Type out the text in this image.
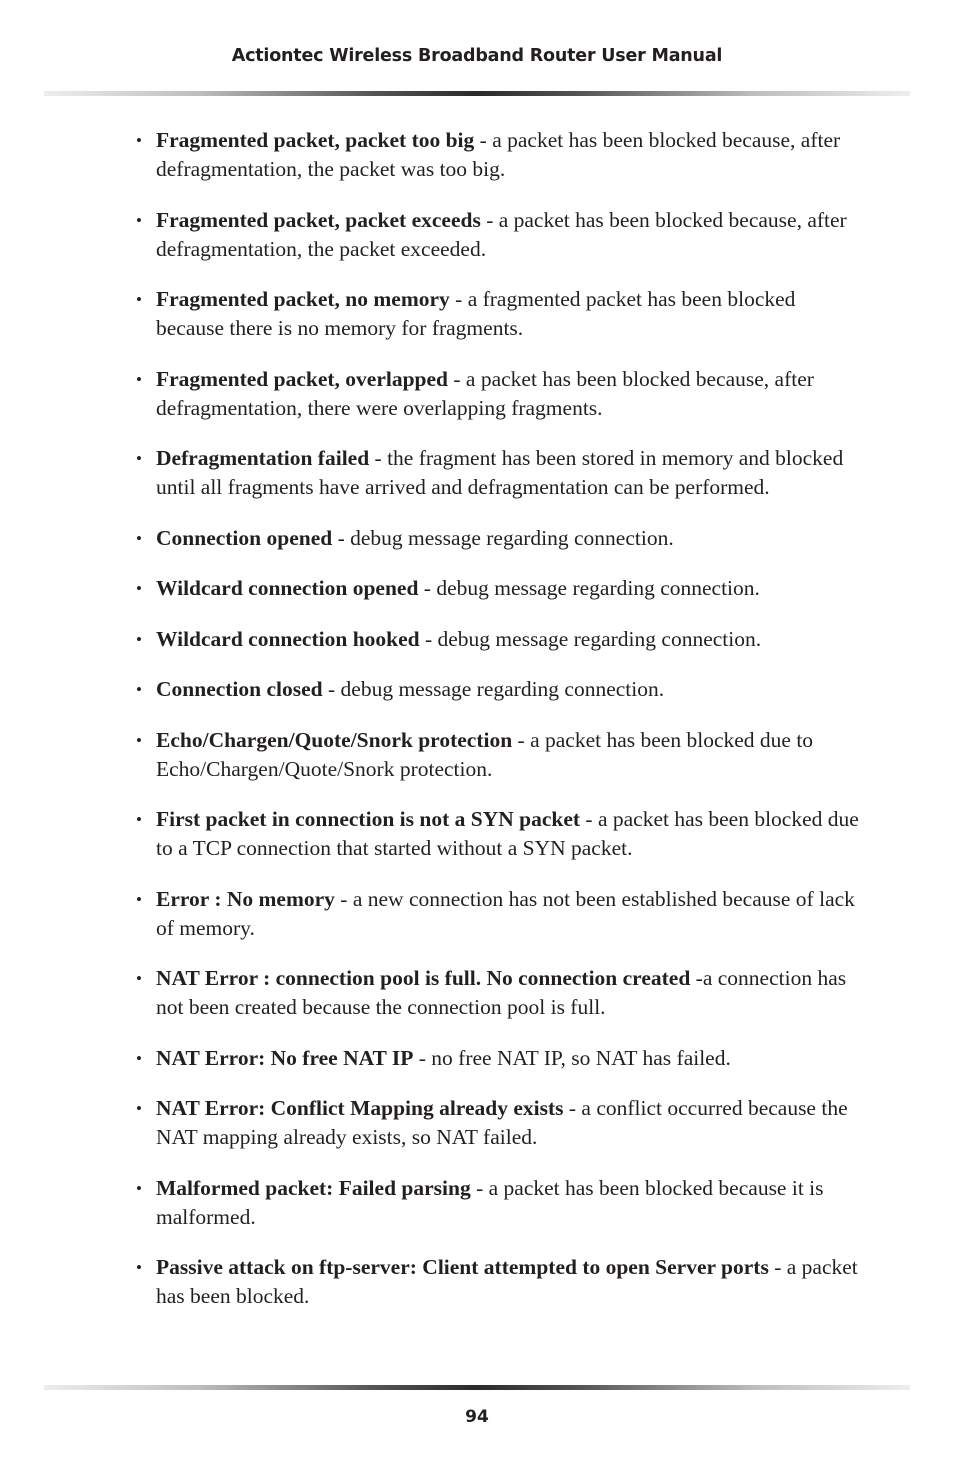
Actiontec Wireless Broadband Router User Manual
• Fragmented packet, packet too big - a packet has been blocked because, after defragmentation, the packet was too big.
• Fragmented packet, packet exceeds - a packet has been blocked because, after defragmentation, the packet exceeded.
• Fragmented packet, no memory - a fragmented packet has been blocked because there is no memory for fragments.
• Fragmented packet, overlapped - a packet has been blocked because, after defragmentation, there were overlapping fragments.
• Defragmentation failed - the fragment has been stored in memory and blocked until all fragments have arrived and defragmentation can be performed.
• Connection opened - debug message regarding connection.
• Wildcard connection opened - debug message regarding connection.
• Wildcard connection hooked - debug message regarding connection.
• Connection closed - debug message regarding connection.
• Echo/Chargen/Quote/Snork protection - a packet has been blocked due to Echo/Chargen/Quote/Snork protection.
• First packet in connection is not a SYN packet - a packet has been blocked due to a TCP connection that started without a SYN packet.
• Error : No memory - a new connection has not been established because of lack of memory.
• NAT Error : connection pool is full. No connection created -a connection has not been created because the connection pool is full.
• NAT Error: No free NAT IP - no free NAT IP, so NAT has failed.
• NAT Error: Conflict Mapping already exists - a conflict occurred because the NAT mapping already exists, so NAT failed.
• Malformed packet: Failed parsing - a packet has been blocked because it is malformed.
• Passive attack on ftp-server: Client attempted to open Server ports - a packet has been blocked.
94
